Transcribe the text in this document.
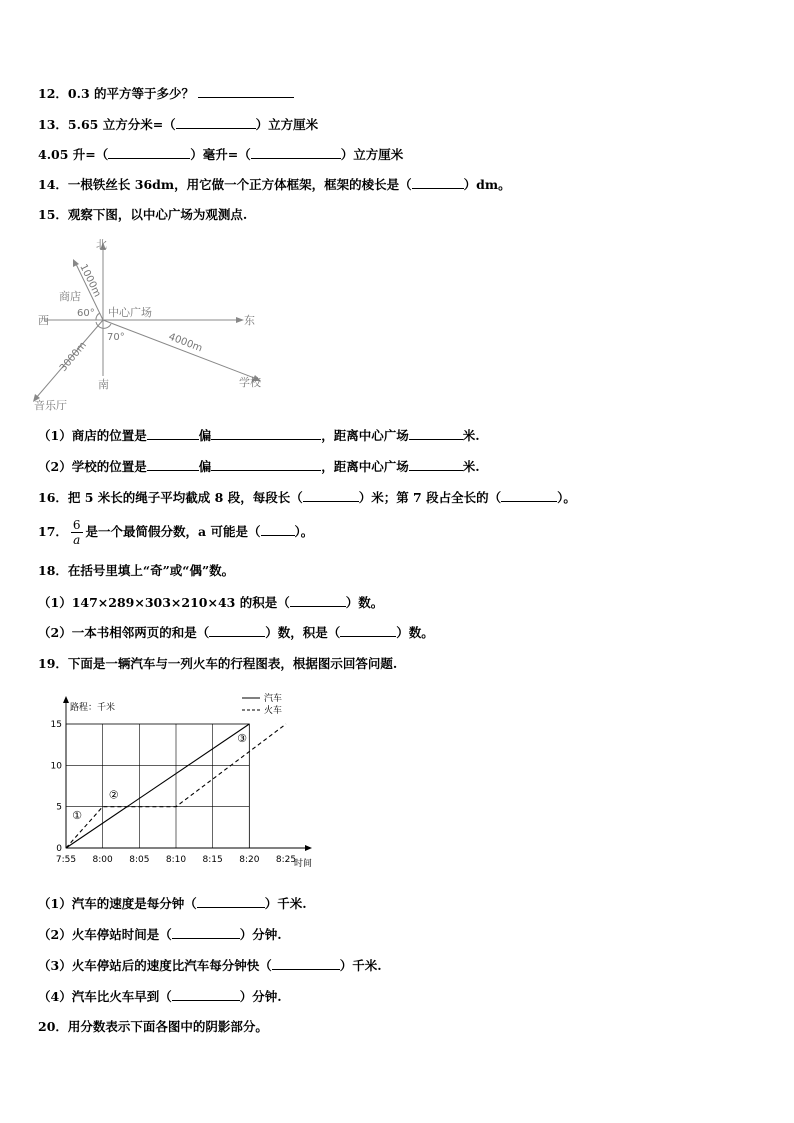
12．0.3 的平方等于多少？
13．5.65 立方分米=（	）立方厘米
4.05 升=（	）毫升=（	）立方厘米
14．一根铁丝长 36dm，用它做一个正方体框架，框架的棱长是（	）dm。
15．观察下图，以中心广场为观测点.
北
南
西	东
中心广场
商店
学校
音乐厅
60°
70°
1000m
4000m
3000m
（1）商店的位置是	偏	，距离中心广场	米.
（2）学校的位置是	偏	，距离中心广场	米.
16．把 5 米长的绳子平均截成 8 段，每段长（	）米；第 7 段占全长的（	）。
17． $\frac{6}{a}$ 是一个最简假分数，a 可能是（	）。
18．在括号里填上“奇”或“偶”数。
（1）147×289×303×210×43 的积是（	）数。
（2）一本书相邻两页的和是（	）数，积是（	）数。
19．下面是一辆汽车与一列火车的行程图表，根据图示回答问题.
7:55 8:00 8:05 8:10 8:15 8:20 8:25
0
5
10
15
路程：千米
时间
汽车
火车
①
②
③
（1）汽车的速度是每分钟（	）千米.
（2）火车停站时间是（	）分钟.
（3）火车停站后的速度比汽车每分钟快（	）千米.
（4）汽车比火车早到（	）分钟.
20．用分数表示下面各图中的阴影部分。
